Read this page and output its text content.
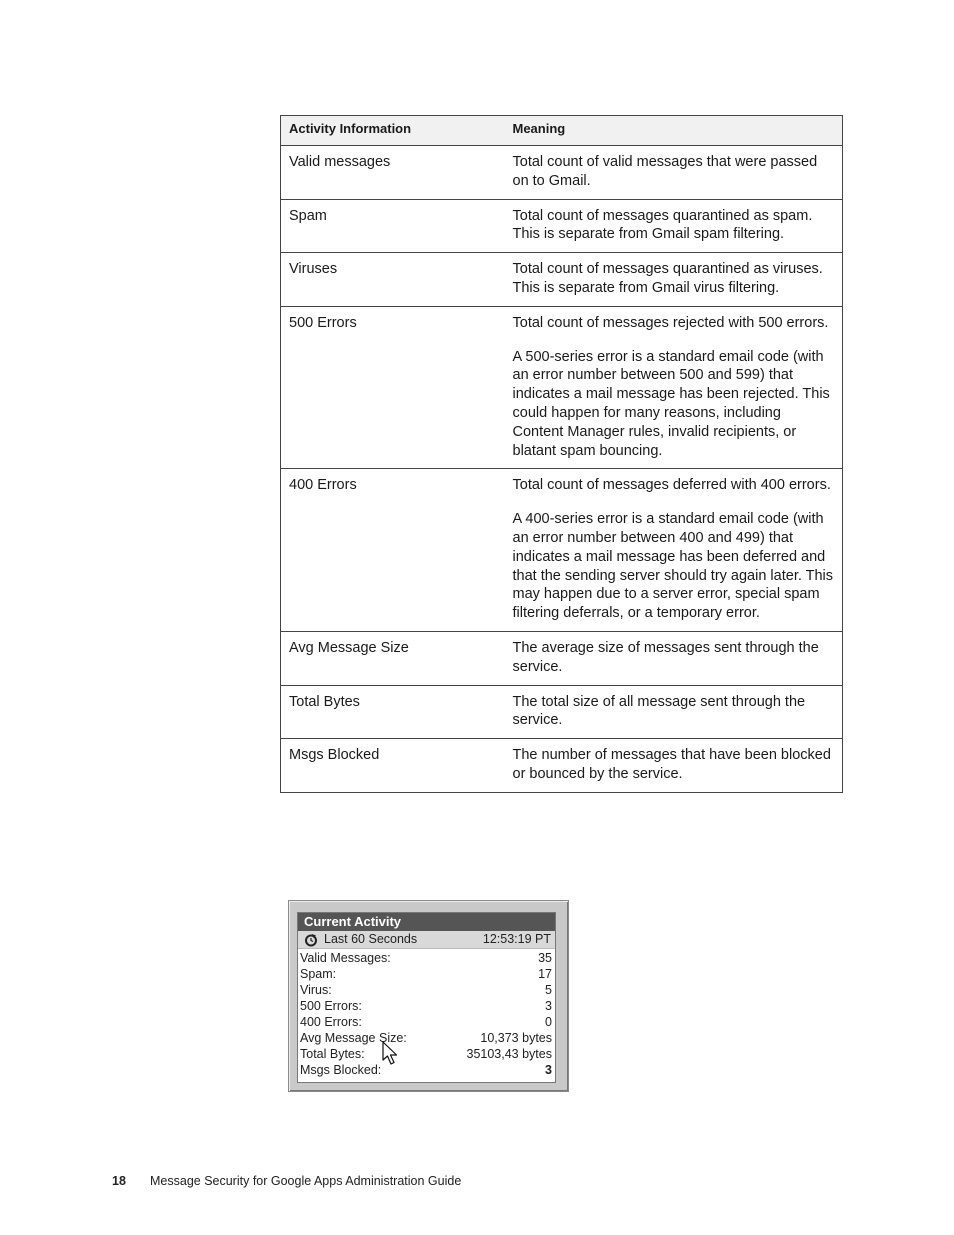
Activity Information	Meaning
Valid messages	Total count of valid messages that were passed on to Gmail.

Spam	Total count of messages quarantined as spam. This is separate from Gmail spam filtering.

Viruses	Total count of messages quarantined as viruses. This is separate from Gmail virus filtering.

500 Errors	Total count of messages rejected with 500 errors.
A 500-series error is a standard email code (with an error number between 500 and 599) that indicates a mail message has been rejected. This could happen for many reasons, including Content Manager rules, invalid recipients, or blatant spam bouncing.

400 Errors	Total count of messages deferred with 400 errors.
A 400-series error is a standard email code (with an error number between 400 and 499) that indicates a mail message has been deferred and that the sending server should try again later. This may happen due to a server error, special spam filtering deferrals, or a temporary error.

Avg Message Size	The average size of messages sent through the service.

Total Bytes	The total size of all message sent through the service.

Msgs Blocked	The number of messages that have been blocked or bounced by the service.
Current Activity
Last 60 Seconds	12:53:19 PT
Valid Messages:	35
Spam:	17
Virus:	5
500 Errors:	3
400 Errors:	0
Avg Message Size:	10,373 bytes
Total Bytes:	35103,43 bytes
Msgs Blocked:	3
18 Message Security for Google Apps Administration Guide
